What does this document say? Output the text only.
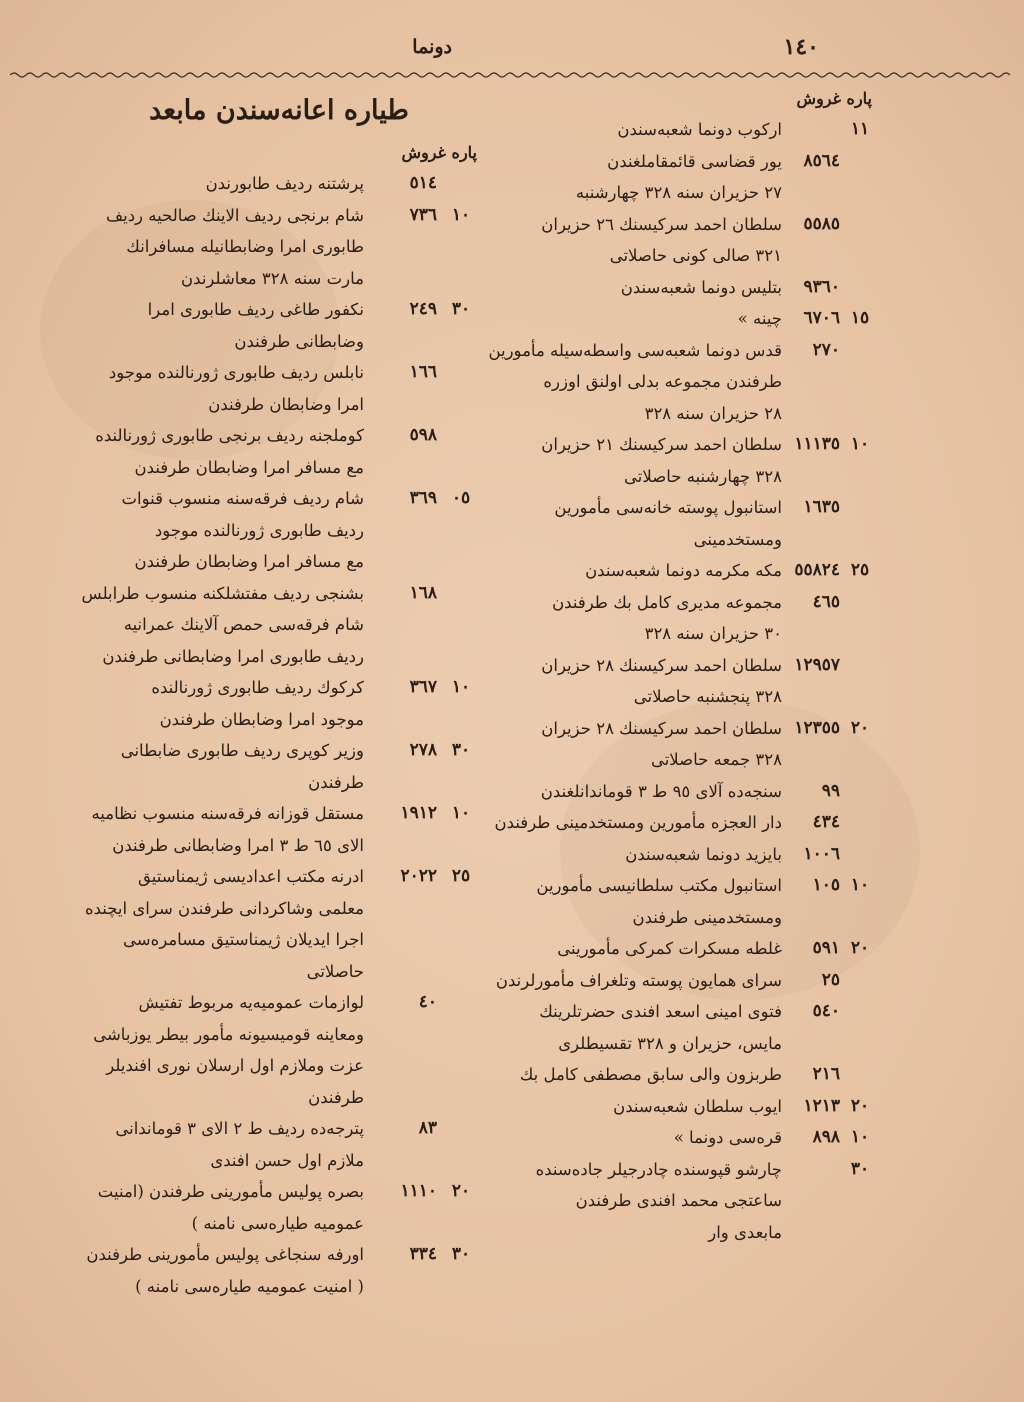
١٤٠
دونما
پاره غروش
١١
اركوب دونما شعبه‌سندن
٨٥٦٤
يور قضاسى قائمقاملغندن
٢٧ حزيران سنه ٣٢٨ چهارشنبه
٥٥٨٥
سلطان احمد سركيسنك ٢٦ حزيران
٣٢١ صالى كونى حاصلاتى
٩٣٦٠
بتليس دونما شعبه‌سندن
١٥
٦٧٠٦
چينه »
٢٧٠
قدس دونما شعبه‌سى واسطه‌سيله مأمورين
طرفندن مجموعه بدلى اولنق اوزره
٢٨ حزيران سنه ٣٢٨
١٠
١١١٣٥
سلطان احمد سركيسنك ٢١ حزيران
٣٢٨ چهارشنبه حاصلاتى
١٦٣٥
استانبول پوسته خانه‌سى مأمورين
ومستخدمينى
٢٥
٥٥٨٢٤
مكه مكرمه دونما شعبه‌سندن
٤٦٥
مجموعه مديرى كامل بك طرفندن
٣٠ حزيران سنه ٣٢٨
١٢٩٥٧
سلطان احمد سركيسنك ٢٨ حزيران
٣٢٨ پنجشنبه حاصلاتى
٢٠
١٢٣٥٥
سلطان احمد سركيسنك ٢٨ حزيران
٣٢٨ جمعه حاصلاتى
٩٩
سنجه‌ده آلاى ٩٥ ط ٣ قوماندانلغندن
٤٣٤
دار العجزه مأمورين ومستخدمينى طرفندن
١٠٠٦
بايزيد دونما شعبه‌سندن
١٠
١٠٥
استانبول مكتب سلطانيسى مأمورين
ومستخدمينى طرفندن
٢٠
٥٩١
غلطه مسكرات كمركى مأمورينى
٢٥
سراى همايون پوسته وتلغراف مأمورلرندن
٥٤٠
فتوى امينى اسعد افندى حضرتلرينك
مايس، حزيران و ٣٢٨ تقسيطلرى
٢١٦
طربزون والى سابق مصطفى كامل بك
٢٠
١٢١٣
ايوب سلطان شعبه‌سندن
١٠
٨٩٨
قره‌سى دونما »
٣٠
چارشو قپوسنده چادرجيلر جاده‌سنده
ساعتجى محمد افندى طرفندن
مابعدى وار
طياره اعانه‌سندن مابعد
پاره غروش
٥١٤
پرشتنه رديف طابورندن
١٠
٧٣٦
شام برنجى رديف الاينك صالحيه رديف
طابورى امرا وضابطانيله مسافرانك
مارت سنه ٣٢٨ معاشلرندن
٣٠
٢٤٩
نكفور طاغى رديف طابورى امرا
وضابطانى طرفندن
١٦٦
نابلس رديف طابورى ژورنالنده موجود
امرا وضابطان طرفندن
٥٩٨
كوملجنه رديف برنجى طابورى ژورنالنده
مع مسافر امرا وضابطان طرفندن
٠٥
٣٦٩
شام رديف فرقه‌سنه منسوب قنوات
رديف طابورى ژورنالنده موجود
مع مسافر امرا وضابطان طرفندن
١٦٨
بشنجى رديف مفتشلكنه منسوب طرابلس
شام فرقه‌سى حمص آلاينك عمرانيه
رديف طابورى امرا وضابطانى طرفندن
١٠
٣٦٧
كركوك رديف طابورى ژورنالنده
موجود امرا وضابطان طرفندن
٣٠
٢٧٨
وزير كوپرى رديف طابورى ضابطانى
طرفندن
١٠
١٩١٢
مستقل قوزانه فرقه‌سنه منسوب نظاميه
الاى ٦٥ ط ٣ امرا وضابطانى طرفندن
٢٥
٢٠٢٢
ادرنه مكتب اعداديسى ژيمناستيق
معلمى وشاكردانى طرفندن سراى ايچنده
اجرا ايديلان ژيمناستيق مسامره‌سى
حاصلاتى
٤٠
لوازمات عموميه‌يه مربوط تفتيش
ومعاينه قوميسيونه مأمور بيطر يوزباشى
عزت وملازم اول ارسلان نورى افنديلر
طرفندن
٨٣
پترجه‌ده رديف ط ٢ الاى ٣ قوماندانى
ملازم اول حسن افندى
٢٠
١١١٠
بصره پوليس مأمورينى طرفندن (امنيت
عموميه طياره‌سى نامنه )
٣٠
٣٣٤
اورفه سنجاغى پوليس مأمورينى طرفندن
( امنيت عموميه طياره‌سى نامنه )
